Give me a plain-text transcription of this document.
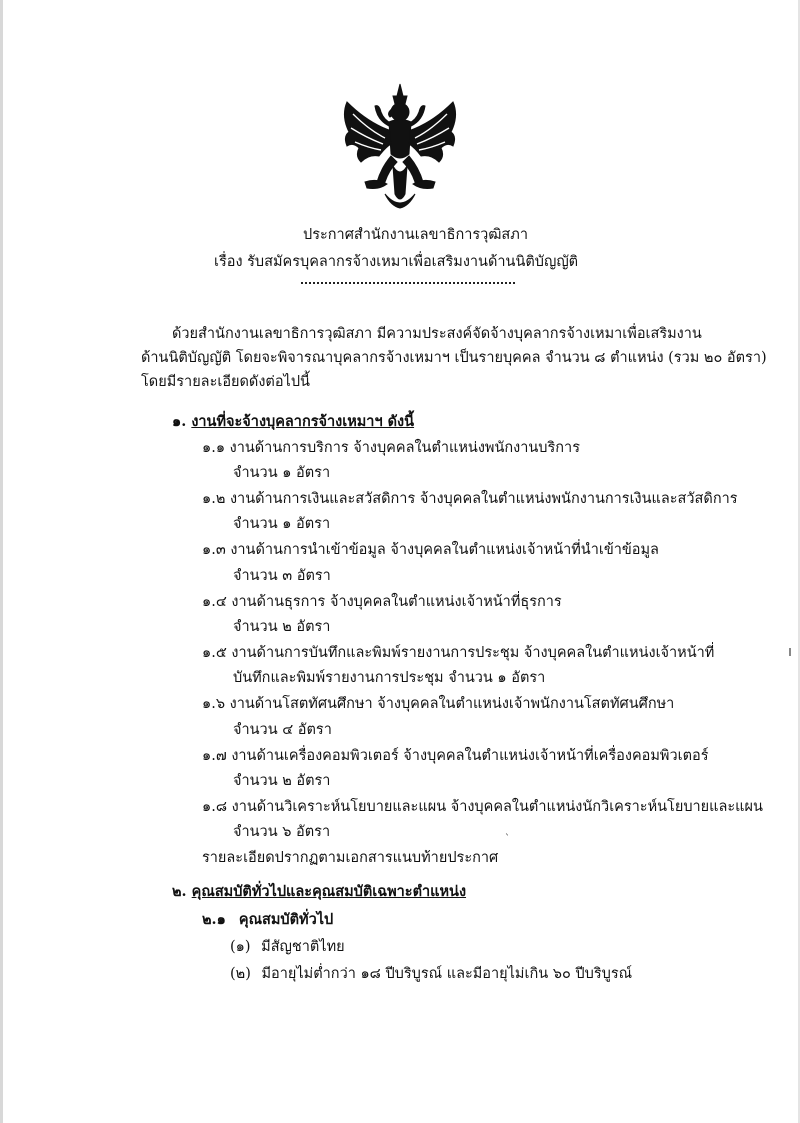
ประกาศสำนักงานเลขาธิการวุฒิสภา
เรื่อง รับสมัครบุคลากรจ้างเหมาเพื่อเสริมงานด้านนิติบัญญัติ
ด้วยสำนักงานเลขาธิการวุฒิสภา มีความประสงค์จัดจ้างบุคลากรจ้างเหมาเพื่อเสริมงาน
ด้านนิติบัญญัติ โดยจะพิจารณาบุคลากรจ้างเหมาฯ เป็นรายบุคคล จำนวน ๘ ตำแหน่ง (รวม ๒๐ อัตรา)
โดยมีรายละเอียดดังต่อไปนี้
๑. งานที่จะจ้างบุคลากรจ้างเหมาฯ ดังนี้
๑.๑ งานด้านการบริการ จ้างบุคคลในตำแหน่งพนักงานบริการ
จำนวน ๑ อัตรา
๑.๒ งานด้านการเงินและสวัสดิการ จ้างบุคคลในตำแหน่งพนักงานการเงินและสวัสดิการ
จำนวน ๑ อัตรา
๑.๓ งานด้านการนำเข้าข้อมูล จ้างบุคคลในตำแหน่งเจ้าหน้าที่นำเข้าข้อมูล
จำนวน ๓ อัตรา
๑.๔ งานด้านธุรการ จ้างบุคคลในตำแหน่งเจ้าหน้าที่ธุรการ
จำนวน ๒ อัตรา
๑.๕ งานด้านการบันทึกและพิมพ์รายงานการประชุม จ้างบุคคลในตำแหน่งเจ้าหน้าที่
บันทึกและพิมพ์รายงานการประชุม จำนวน ๑ อัตรา
๑.๖ งานด้านโสตทัศนศึกษา จ้างบุคคลในตำแหน่งเจ้าพนักงานโสตทัศนศึกษา
จำนวน ๔ อัตรา
๑.๗ งานด้านเครื่องคอมพิวเตอร์ จ้างบุคคลในตำแหน่งเจ้าหน้าที่เครื่องคอมพิวเตอร์
จำนวน ๒ อัตรา
๑.๘ งานด้านวิเคราะห์นโยบายและแผน จ้างบุคคลในตำแหน่งนักวิเคราะห์นโยบายและแผน
จำนวน ๖ อัตรา	`
รายละเอียดปรากฏตามเอกสารแนบท้ายประกาศ
๒. คุณสมบัติทั่วไปและคุณสมบัติเฉพาะตำแหน่ง
๒.๑ คุณสมบัติทั่วไป
(๑) มีสัญชาติไทย
(๒) มีอายุไม่ต่ำกว่า ๑๘ ปีบริบูรณ์ และมีอายุไม่เกิน ๖๐ ปีบริบูรณ์
